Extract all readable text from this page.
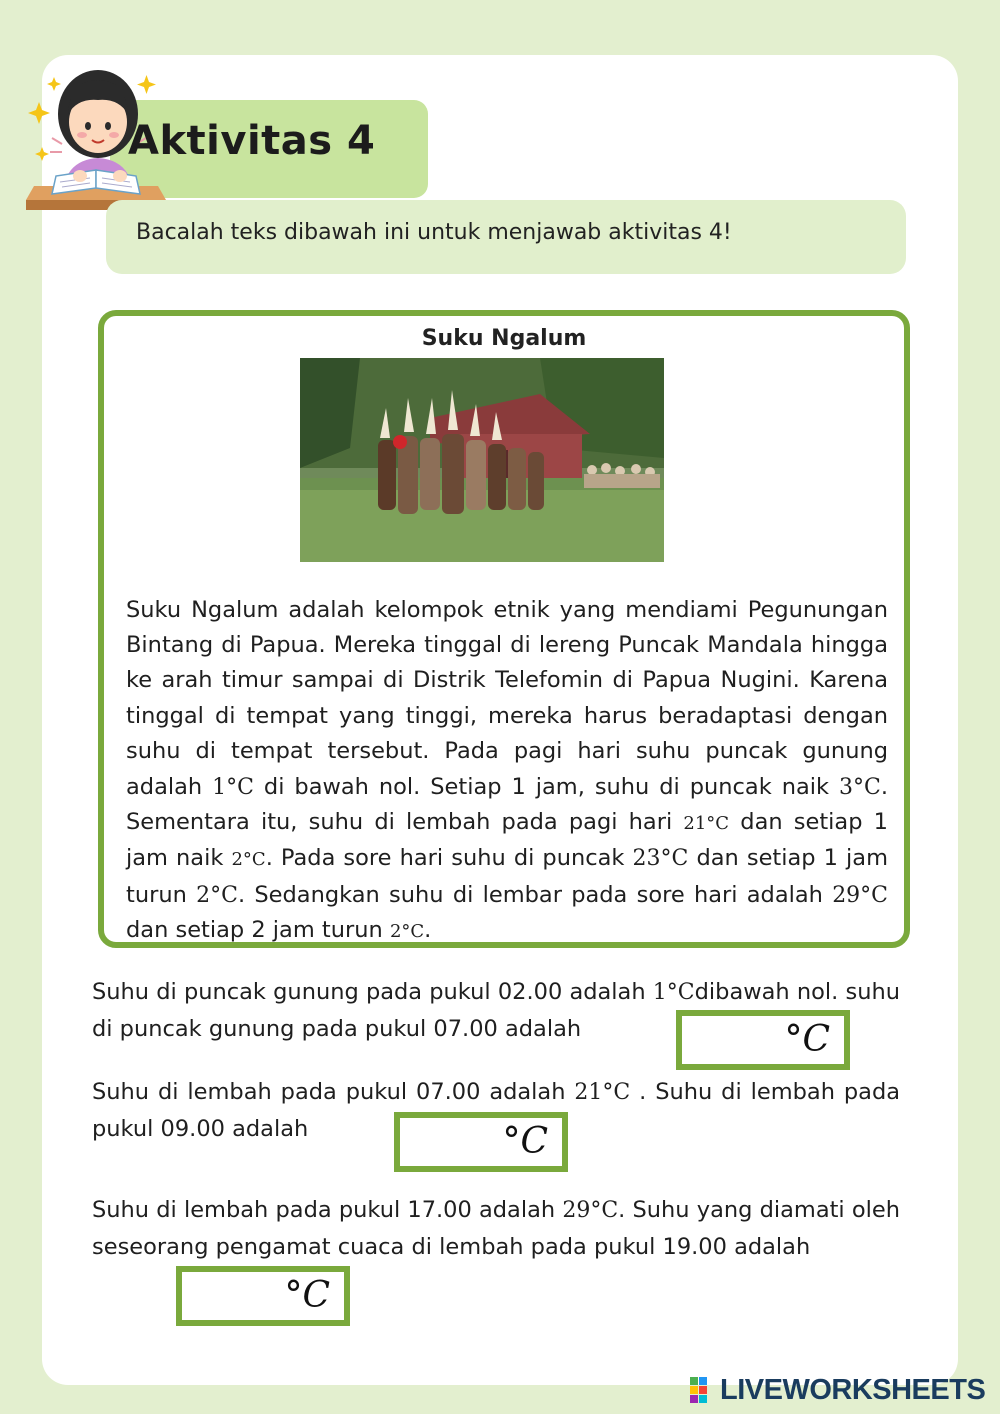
Aktivitas 4
Bacalah teks dibawah ini untuk menjawab aktivitas 4!
Suku Ngalum

Suku Ngalum adalah kelompok etnik yang mendiami Pegunungan Bintang di Papua. Mereka tinggal di lereng Puncak Mandala hingga ke arah timur sampai di Distrik Telefomin di Papua Nugini. Karena tinggal di tempat yang tinggi, mereka harus beradaptasi dengan suhu di tempat tersebut. Pada pagi hari suhu puncak gunung adalah 1°C di bawah nol. Setiap 1 jam, suhu di puncak naik 3°C. Sementara itu, suhu di lembah pada pagi hari 21°C dan setiap 1 jam naik 2°C. Pada sore hari suhu di puncak 23°C dan setiap 1 jam turun 2°C. Sedangkan suhu di lembar pada sore hari adalah 29°C dan setiap 2 jam turun 2°C.

Suhu di puncak gunung pada pukul 02.00 adalah 1°Cdibawah nol. suhu di puncak gunung pada pukul 07.00 adalah	°C
Suhu di lembah pada pukul 07.00 adalah 21°C . Suhu di lembah pada pukul 09.00 adalah	°C
Suhu di lembah pada pukul 17.00 adalah 29°C. Suhu yang diamati oleh seseorang pengamat cuaca di lembah pada pukul 19.00 adalah
°C
LIVEWORKSHEETS
